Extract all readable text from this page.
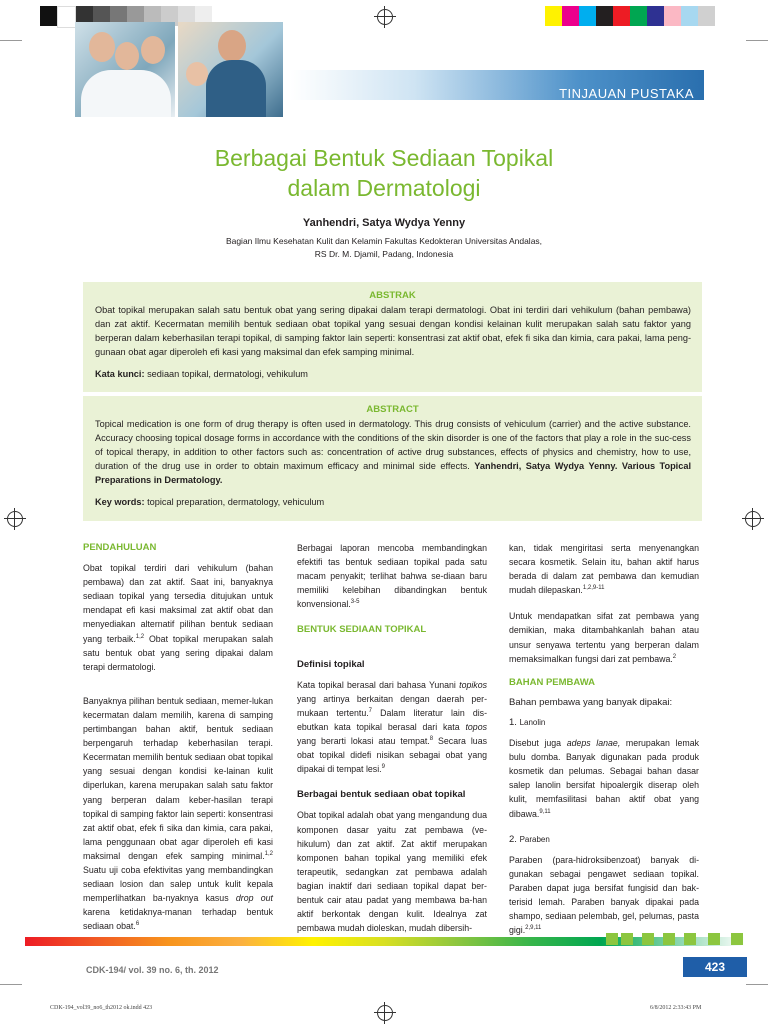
TINJAUAN PUSTAKA
Berbagai Bentuk Sediaan Topikal
dalam Dermatologi
Yanhendri, Satya Wydya Yenny
Bagian Ilmu Kesehatan Kulit dan Kelamin Fakultas Kedokteran Universitas Andalas,
RS Dr. M. Djamil, Padang, Indonesia
ABSTRAK
Obat topikal merupakan salah satu bentuk obat yang sering dipakai dalam terapi dermatologi. Obat ini terdiri dari vehikulum (bahan pembawa) dan zat aktif. Kecermatan memilih bentuk sediaan obat topikal yang sesuai dengan kondisi kelainan kulit merupakan salah satu faktor yang berperan dalam keberhasilan terapi topikal, di samping faktor lain seperti: konsentrasi zat aktif obat, efek fi sika dan kimia, cara pakai, lama peng-gunaan obat agar diperoleh efi kasi yang maksimal dan efek samping minimal.
Kata kunci: sediaan topikal, dermatologi, vehikulum
ABSTRACT
Topical medication is one form of drug therapy is often used in dermatology. This drug consists of vehiculum (carrier) and the active substance. Accuracy choosing topical dosage forms in accordance with the conditions of the skin disorder is one of the factors that play a role in the suc-cess of topical therapy, in addition to other factors such as: concentration of active drug substances, effects of physics and chemistry, how to use, duration of the drug use in order to obtain maximum efficacy and minimal side effects. Yanhendri, Satya Wydya Yenny. Various Topical Preparations in Dermatology.
Key words: topical preparation, dermatology, vehiculum

PENDAHULUAN

Obat topikal terdiri dari vehikulum (bahan pembawa) dan zat aktif. Saat ini, banyaknya sediaan topikal yang tersedia ditujukan untuk mendapat efi kasi maksimal zat aktif obat dan menyediakan alternatif pilihan bentuk sediaan yang terbaik.$^{1,2}$ Obat topikal merupakan salah satu bentuk obat yang sering dipakai dalam terapi dermatologi.

Banyaknya pilihan bentuk sediaan, memer-lukan kecermatan dalam memilih, karena di samping pertimbangan bahan aktif, bentuk sediaan berpengaruh terhadap keberhasilan terapi. Kecermatan memilih bentuk sediaan obat topikal yang sesuai dengan kondisi ke-lainan kulit diperlukan, karena merupakan salah satu faktor yang berperan dalam keber-hasilan terapi topikal di samping faktor lain seperti: konsentrasi zat aktif obat, efek fi sika dan kimia, cara pakai, lama penggunaan obat agar diperoleh efi kasi maksimal dengan efek samping minimal.$^{1,2}$ Suatu uji coba efektivitas yang membandingkan sediaan losion dan salep untuk kulit kepala memperlihatkan ba-nyaknya kasus drop out karena ketidaknya-manan terhadap bentuk sediaan obat.$^6$

Berbagai laporan mencoba membandingkan efektifi tas bentuk sediaan topikal pada satu macam penyakit; terlihat bahwa se-diaan baru memiliki kelebihan dibandingkan bentuk konvensional.$^{3-5}$

BENTUK SEDIAAN TOPIKAL

Definisi topikal

Kata topikal berasal dari bahasa Yunani topikos yang artinya berkaitan dengan daerah per-mukaan tertentu.$^7$ Dalam literatur lain dis-ebutkan kata topikal berasal dari kata topos yang berarti lokasi atau tempat.$^8$ Secara luas obat topikal didefi nisikan sebagai obat yang dipakai di tempat lesi.$^9$

Berbagai bentuk sediaan obat topikal

Obat topikal adalah obat yang mengandung dua komponen dasar yaitu zat pembawa (ve-hikulum) dan zat aktif. Zat aktif merupakan komponen bahan topikal yang memiliki efek terapeutik, sedangkan zat pembawa adalah bagian inaktif dari sediaan topikal dapat ber-bentuk cair atau padat yang membawa ba-han aktif berkontak dengan kulit. Idealnya zat pembawa mudah dioleskan, mudah dibersih-

kan, tidak mengiritasi serta menyenangkan secara kosmetik. Selain itu, bahan aktif harus berada di dalam zat pembawa dan kemudian mudah dilepaskan.$^{1,2,9-11}$

Untuk mendapatkan sifat zat pembawa yang demikian, maka ditambahkanlah bahan atau unsur senyawa tertentu yang berperan dalam memaksimalkan fungsi dari zat pembawa.$^2$

BAHAN PEMBAWA

Bahan pembawa yang banyak dipakai:

1. Lanolin

Disebut juga adeps lanae, merupakan lemak bulu domba. Banyak digunakan pada produk kosmetik dan pelumas. Sebagai bahan dasar salep lanolin bersifat hipoalergik diserap oleh kulit, memfasilitasi bahan aktif obat yang dibawa.$^{9,11}$

2. Paraben

Paraben (para-hidroksibenzoat) banyak di-gunakan sebagai pengawet sediaan topikal. Paraben dapat juga bersifat fungisid dan bak-terisid lemah. Paraben banyak dipakai pada shampo, sediaan pelembab, gel, pelumas, pasta gigi.$^{2,9,11}$

CDK-194/ vol. 39 no. 6, th. 2012	423
CDK-194_vol39_no6_th2012 ok.indd 423	6/8/2012 2:33:43 PM
